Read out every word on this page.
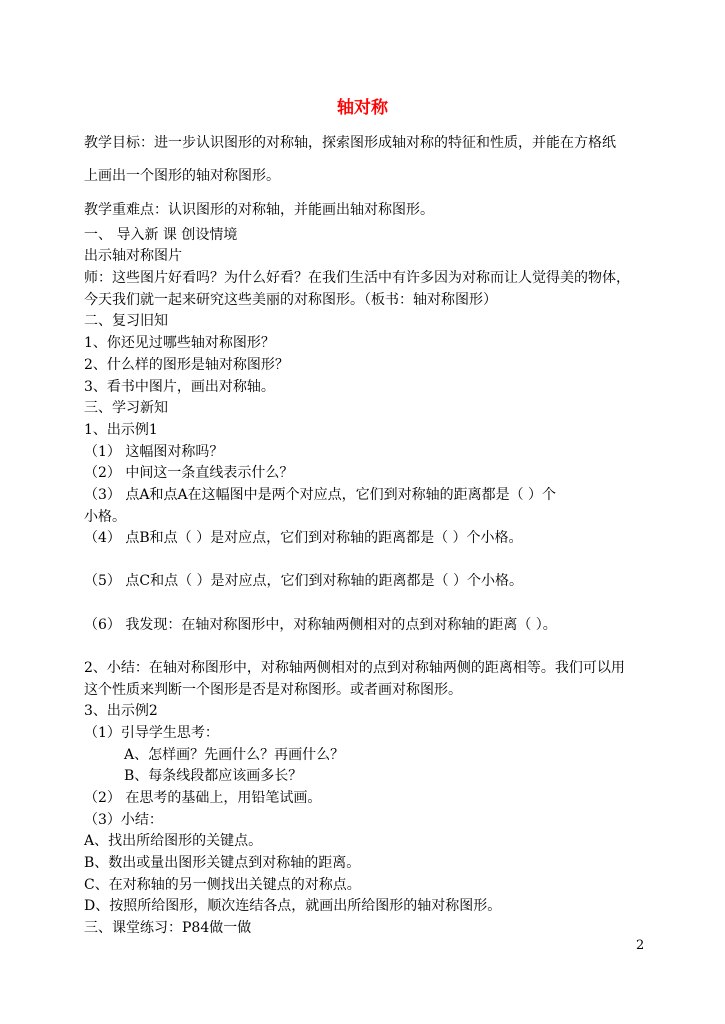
轴对称
教学目标：进一步认识图形的对称轴，探索图形成轴对称的特征和性质，并能在方格纸
上画出一个图形的轴对称图形。
教学重难点：认识图形的对称轴，并能画出轴对称图形。
一、 导入新 课 创设情境
出示轴对称图片
师：这些图片好看吗？为什么好看？在我们生活中有许多因为对称而让人觉得美的物体，
今天我们就一起来研究这些美丽的对称图形。（板书：轴对称图形）
二、复习旧知
1、你还见过哪些轴对称图形？
2、什么样的图形是轴对称图形？
3、看书中图片，画出对称轴。
三、学习新知
1、出示例1
（1） 这幅图对称吗？
（2） 中间这一条直线表示什么？
（3） 点A和点A在这幅图中是两个对应点，它们到对称轴的距离都是（ ）个
小格。
（4） 点B和点（ ）是对应点，它们到对称轴的距离都是（ ）个小格。
（5） 点C和点（ ）是对应点，它们到对称轴的距离都是（ ）个小格。
（6） 我发现：在轴对称图形中，对称轴两侧相对的点到对称轴的距离（ ）。
2、小结：在轴对称图形中，对称轴两侧相对的点到对称轴两侧的距离相等。我们可以用
这个性质来判断一个图形是否是对称图形。或者画对称图形。
3、出示例2
（1）引导学生思考：
A、怎样画？先画什么？再画什么？
B、每条线段都应该画多长？
（2） 在思考的基础上，用铅笔试画。
（3）小结：
A、找出所给图形的关键点。
B、数出或量出图形关键点到对称轴的距离。
C、在对称轴的另一侧找出关键点的对称点。
D、按照所给图形，顺次连结各点，就画出所给图形的轴对称图形。
三、课堂练习：P84做一做
2
